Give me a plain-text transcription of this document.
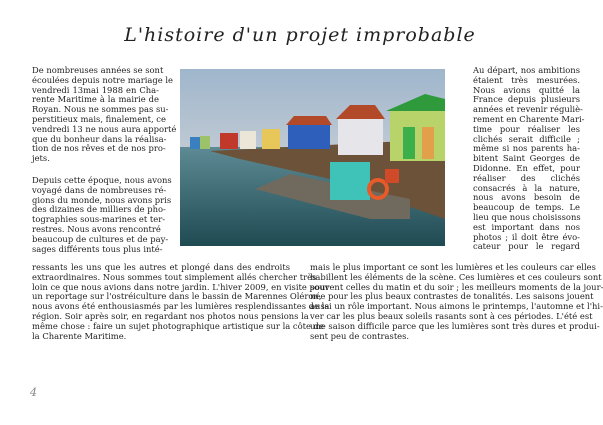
L'histoire d'un projet improbable
De nombreuses années se sont
écoulées depuis notre mariage le
vendredi 13mai 1988 en Cha-
rente Maritime à la mairie de
Royan. Nous ne sommes pas su-
perstitieux mais, finalement, ce
vendredi 13 ne nous aura apporté
que du bonheur dans la réalisa-
tion de nos rêves et de nos pro-
jets.
Depuis cette époque, nous avons
voyagé dans de nombreuses ré-
gions du monde, nous avons pris
des dizaines de milliers de pho-
tographies sous-marines et ter-
restres. Nous avons rencontré
beaucoup de cultures et de pay-
sages différents tous plus inté-
Au départ, nos ambitions
étaient très mesurées.
Nous avions quitté la
France depuis plusieurs
années et revenir réguliè-
rement en Charente Mari-
time pour réaliser les
clichés serait difficile ;
même si nos parents ha-
bitent Saint Georges de
Didonne. En effet, pour
réaliser des clichés
consacrés à la nature,
nous avons besoin de
beaucoup de temps. Le
lieu que nous choisissons
est important dans nos
photos ; il doit être évo-
cateur pour le regard
ressants les uns que les autres et plongé dans des endroits
extraordinaires. Nous sommes tout simplement allés chercher très
loin ce que nous avions dans notre jardin. L'hiver 2009, en visite pour
un reportage sur l'ostréiculture dans le bassin de Marennes Oléron,
nous avons été enthousiasmés par les lumières resplendissantes de la
région. Soir après soir, en regardant nos photos nous pensions la
même chose : faire un sujet photographique artistique sur la côte de
la Charente Maritime.
mais le plus important ce sont les lumières et les couleurs car elles
habillent les éléments de la scène. Ces lumières et ces couleurs sont
souvent celles du matin et du soir ; les meilleurs moments de la jour-
née pour les plus beaux contrastes de tonalités. Les saisons jouent
aussi un rôle important. Nous aimons le printemps, l'automne et l'hi-
ver car les plus beaux soleils rasants sont à ces périodes. L'été est
une saison difficile parce que les lumières sont très dures et produi-
sent peu de contrastes.
4
